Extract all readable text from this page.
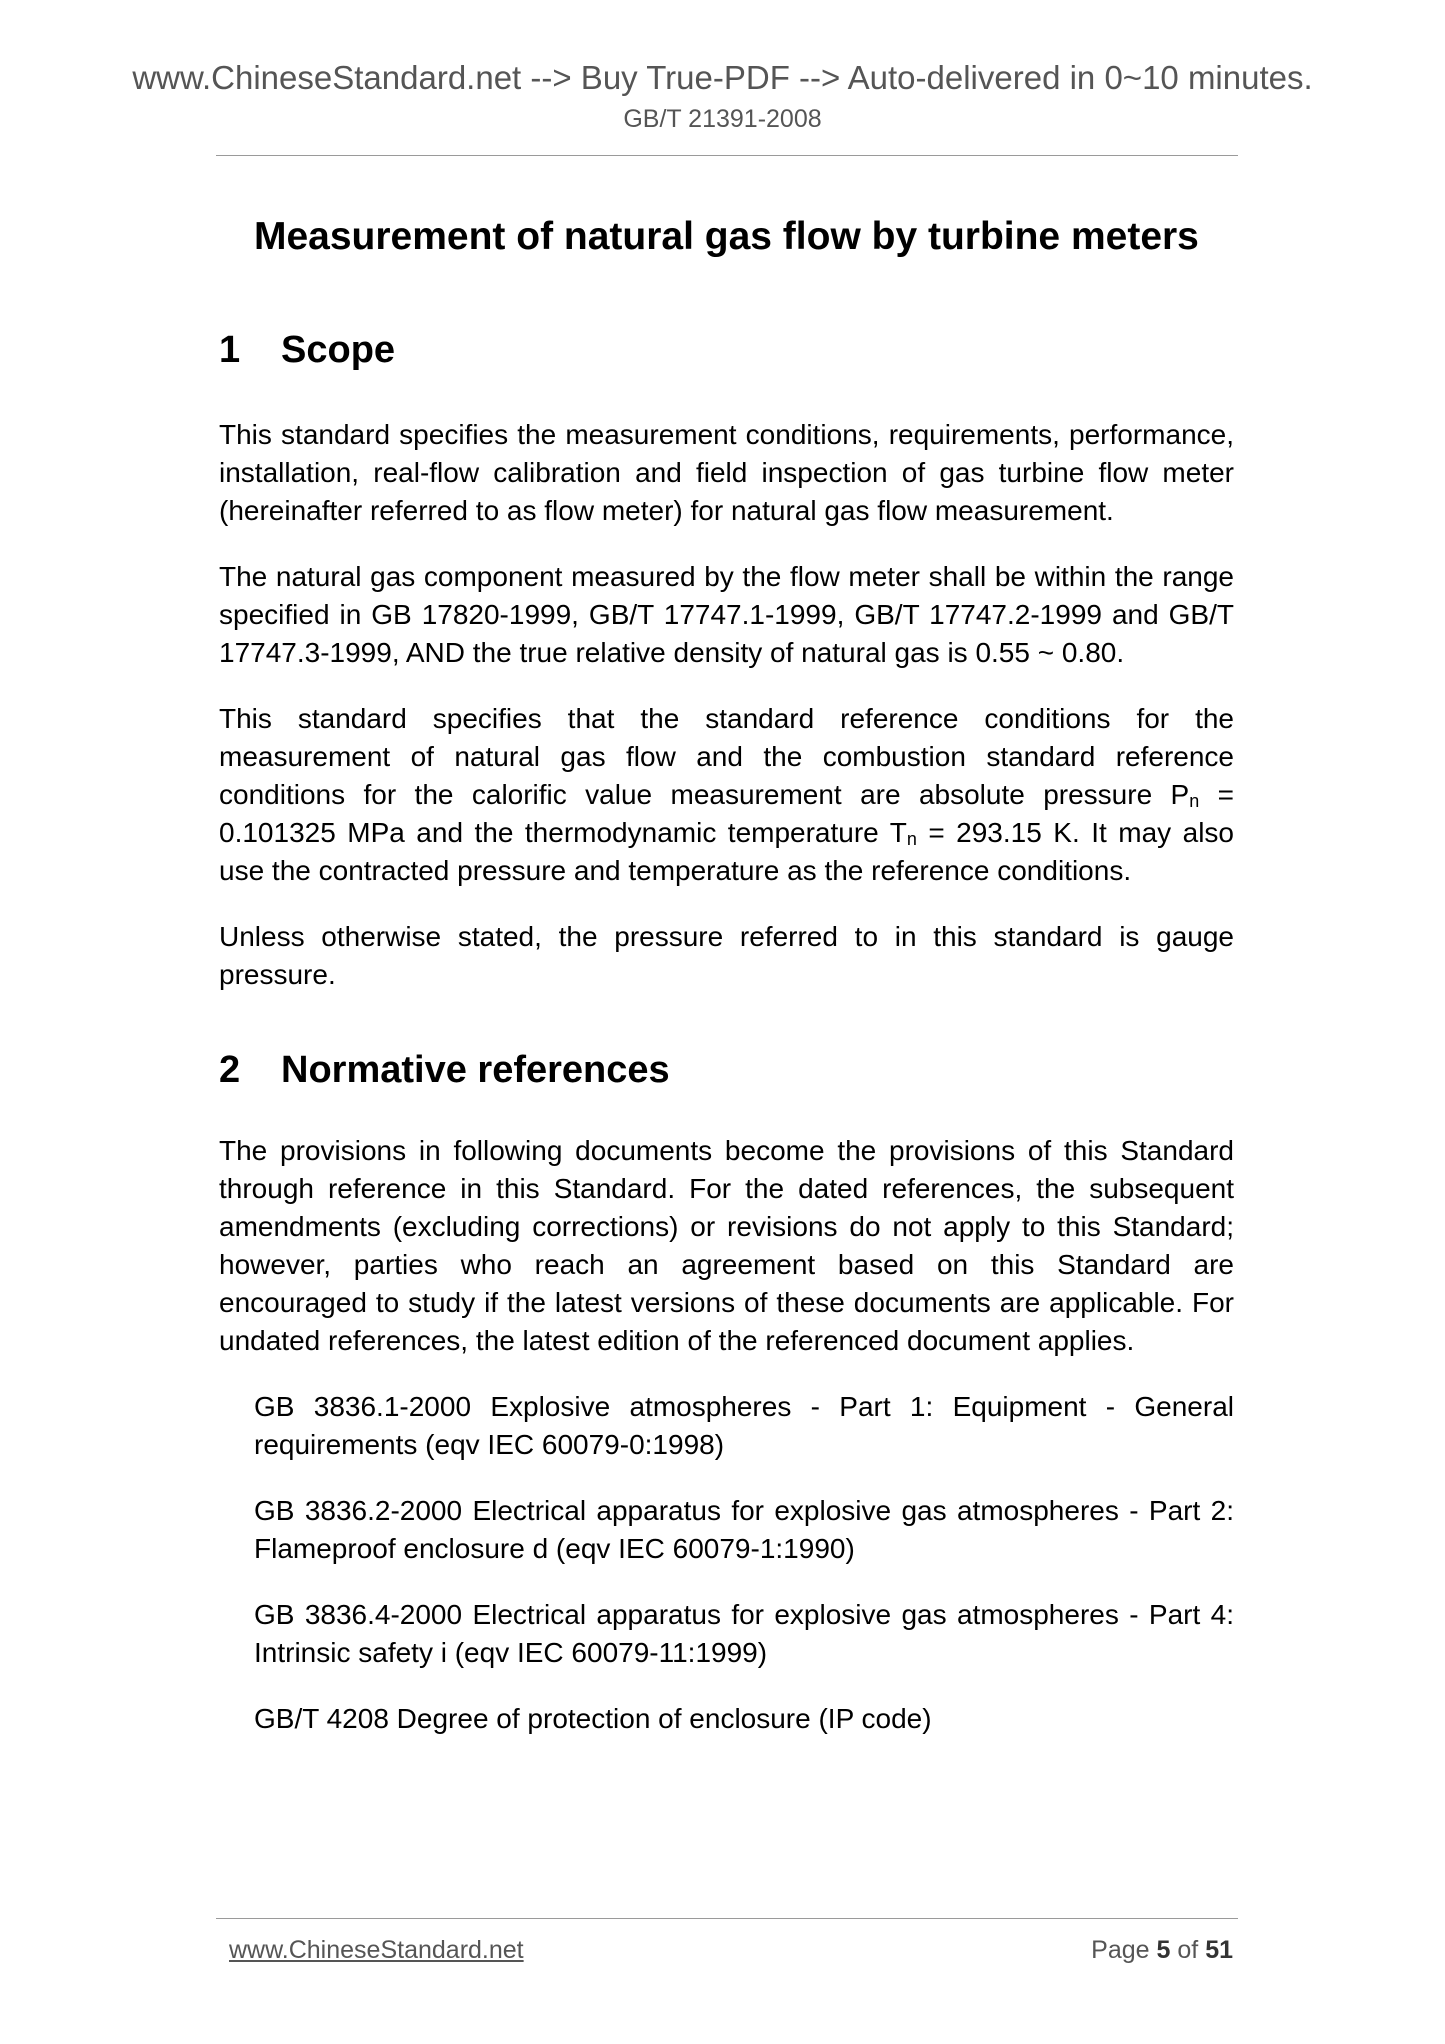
www.ChineseStandard.net --> Buy True-PDF --> Auto-delivered in 0~10 minutes.
GB/T 21391-2008
Measurement of natural gas flow by turbine meters
1	Scope

This standard specifies the measurement conditions, requirements, performance, installation, real-flow calibration and field inspection of gas turbine flow meter (hereinafter referred to as flow meter) for natural gas flow measurement.

The natural gas component measured by the flow meter shall be within the range specified in GB 17820-1999, GB/T 17747.1-1999, GB/T 17747.2-1999 and GB/T 17747.3-1999, AND the true relative density of natural gas is 0.55 ~ 0.80.

This standard specifies that the standard reference conditions for the measurement of natural gas flow and the combustion standard reference conditions for the calorific value measurement are absolute pressure $P_n = 0.101325$ MPa and the thermodynamic temperature $T_n = 293.15$ K. It may also use the contracted pressure and temperature as the reference conditions.

Unless otherwise stated, the pressure referred to in this standard is gauge pressure.

2	Normative references

The provisions in following documents become the provisions of this Standard through reference in this Standard. For the dated references, the subsequent amendments (excluding corrections) or revisions do not apply to this Standard; however, parties who reach an agreement based on this Standard are encouraged to study if the latest versions of these documents are applicable. For undated references, the latest edition of the referenced document applies.

GB 3836.1-2000 Explosive atmospheres - Part 1: Equipment - General requirements (eqv IEC 60079-0:1998)

GB 3836.2-2000 Electrical apparatus for explosive gas atmospheres - Part 2: Flameproof enclosure d (eqv IEC 60079-1:1990)

GB 3836.4-2000 Electrical apparatus for explosive gas atmospheres - Part 4: Intrinsic safety i (eqv IEC 60079-11:1999)

GB/T 4208 Degree of protection of enclosure (IP code)

www.ChineseStandard.net	Page 5 of 51
